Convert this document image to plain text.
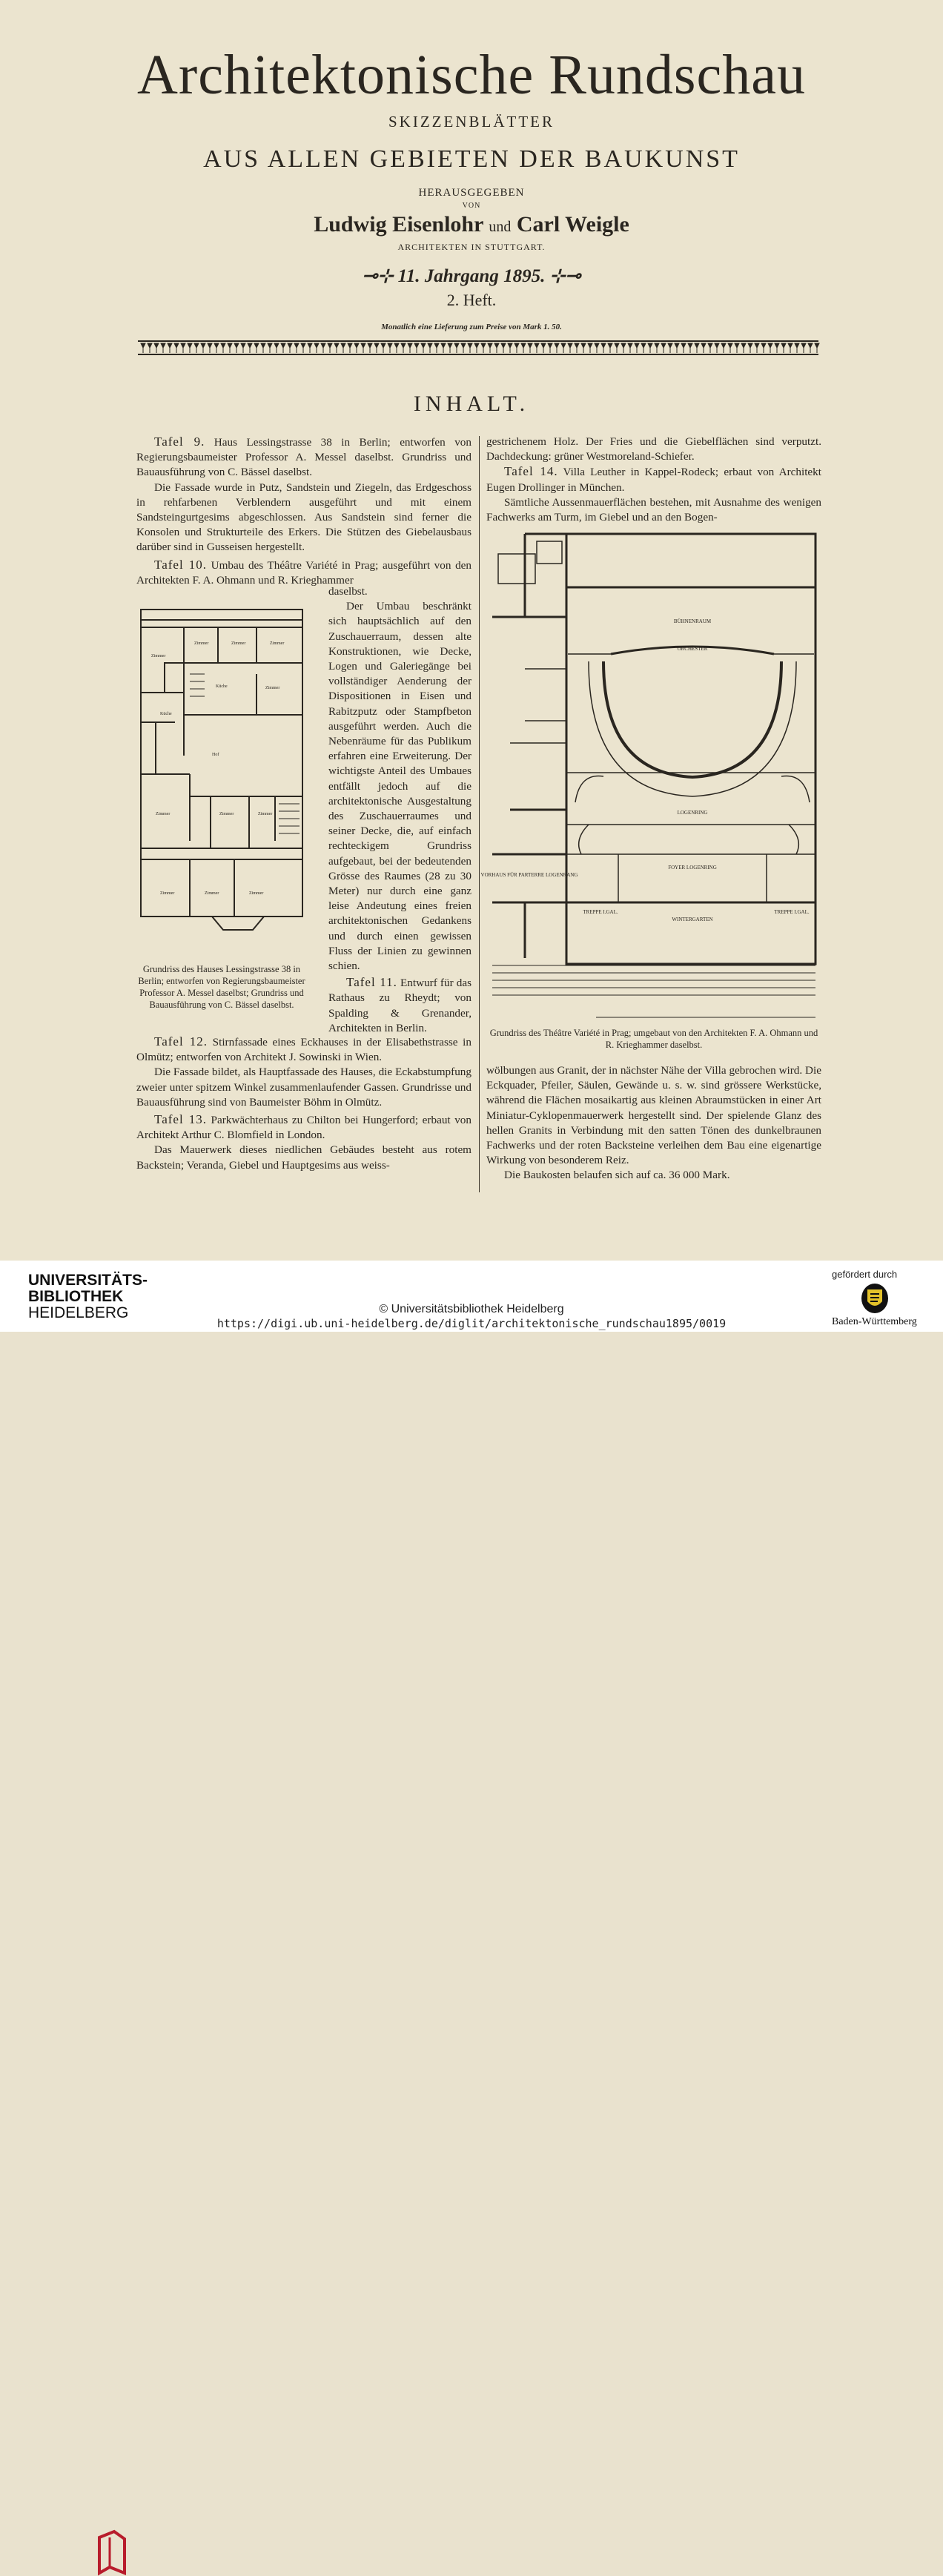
Architektonische Rundschau
SKIZZENBLÄTTER
AUS ALLEN GEBIETEN DER BAUKUNST
HERAUSGEGEBEN
VON
Ludwig Eisenlohr und Carl Weigle
ARCHITEKTEN IN STUTTGART.
⊸⊹ 11. Jahrgang 1895. ⊹⊸
2. Heft.
Monatlich eine Lieferung zum Preise von Mark 1. 50.
INHALT.

Tafel 9. Haus Lessingstrasse 38 in Berlin; entworfen von Regierungsbaumeister Professor A. Messel daselbst. Grundriss und Bauausführung von C. Bässel daselbst.

Die Fassade wurde in Putz, Sandstein und Ziegeln, das Erdgeschoss in rehfarbenen Verblendern ausgeführt und mit einem Sandsteingurtgesims abgeschlossen. Aus Sandstein sind ferner die Konsolen und Strukturteile des Erkers. Die Stützen des Giebelausbaus darüber sind in Gusseisen hergestellt.

Tafel 10. Umbau des Théâtre Variété in Prag; ausgeführt von den Architekten F. A. Ohmann und R. Krieghammer

Zimmer
Zimmer	Zimmer	Zimmer
Küche	Zimmer
Küche
Hof
Zimmer	Zimmer	Zimmer
Zimmer	Zimmer	Zimmer

daselbst.

Der Umbau beschränkt sich hauptsächlich auf den Zuschauerraum, dessen alte Konstruktionen, wie Decke, Logen und Galeriegänge bei vollständiger Aenderung der Dispositionen in Eisen und Rabitzputz oder Stampfbeton ausgeführt werden. Auch die Nebenräume für das Publikum erfahren eine Erweiterung. Der wichtigste Anteil des Umbaues entfällt jedoch auf die architektonische Ausgestaltung des Zuschauerraumes und seiner Decke, die, auf einfach rechteckigem Grundriss aufgebaut, bei der bedeutenden Grösse des Raumes (28 zu 30 Meter) nur durch eine ganz leise Andeutung eines freien architektonischen Gedankens und durch einen gewissen Fluss der Linien zu gewinnen schien.

Tafel 11. Entwurf für das Rathaus zu Rheydt; von Spalding & Grenander, Architekten in Berlin.

Grundriss des Hauses Lessingstrasse 38 in Berlin; entworfen von Regierungsbaumeister Professor A. Messel daselbst; Grundriss und Bauausführung von C. Bässel daselbst.

Tafel 12. Stirnfassade eines Eckhauses in der Elisabethstrasse in Olmütz; entworfen von Architekt J. Sowinski in Wien.

Die Fassade bildet, als Hauptfassade des Hauses, die Eckabstumpfung zweier unter spitzem Winkel zusammenlaufender Gassen. Grundrisse und Bauausführung sind von Baumeister Böhm in Olmütz.

Tafel 13. Parkwächterhaus zu Chilton bei Hungerford; erbaut von Architekt Arthur C. Blomfield in London.

Das Mauerwerk dieses niedlichen Gebäudes besteht aus rotem Backstein; Veranda, Giebel und Hauptgesims aus weiss-

gestrichenem Holz. Der Fries und die Giebelflächen sind verputzt. Dachdeckung: grüner Westmoreland-Schiefer.

Tafel 14. Villa Leuther in Kappel-Rodeck; erbaut von Architekt Eugen Drollinger in München.

Sämtliche Aussenmauerflächen bestehen, mit Ausnahme des wenigen Fachwerks am Turm, im Giebel und an den Bogen-

BÜHNENRAUM
ORCHESTER
LOGENRING
FOYER LOGENRING
WINTERGARTEN
VORHAUS FÜR PARTERRE LOGENRANG
TREPPE I.GAL.	TREPPE I.GAL.
Grundriss des Théâtre Variété in Prag; umgebaut von den Architekten F. A. Ohmann und R. Krieghammer daselbst.

wölbungen aus Granit, der in nächster Nähe der Villa gebrochen wird. Die Eckquader, Pfeiler, Säulen, Gewände u. s. w. sind grössere Werkstücke, während die Flächen mosaikartig aus kleinen Abraumstücken in einer Art Miniatur-Cyklopenmauerwerk hergestellt sind. Der spielende Glanz des hellen Granits in Verbindung mit den satten Tönen des dunkelbraunen Fachwerks und der roten Backsteine verleihen dem Bau eine eigenartige Wirkung von besonderem Reiz.

Die Baukosten belaufen sich auf ca. 36 000 Mark.

UNIVERSITÄTS-
BIBLIOTHEK
HEIDELBERG	© Universitätsbibliothek Heidelberg
https://digi.ub.uni-heidelberg.de/diglit/architektonische_rundschau1895/0019
gefördert durch
Baden-Württemberg
